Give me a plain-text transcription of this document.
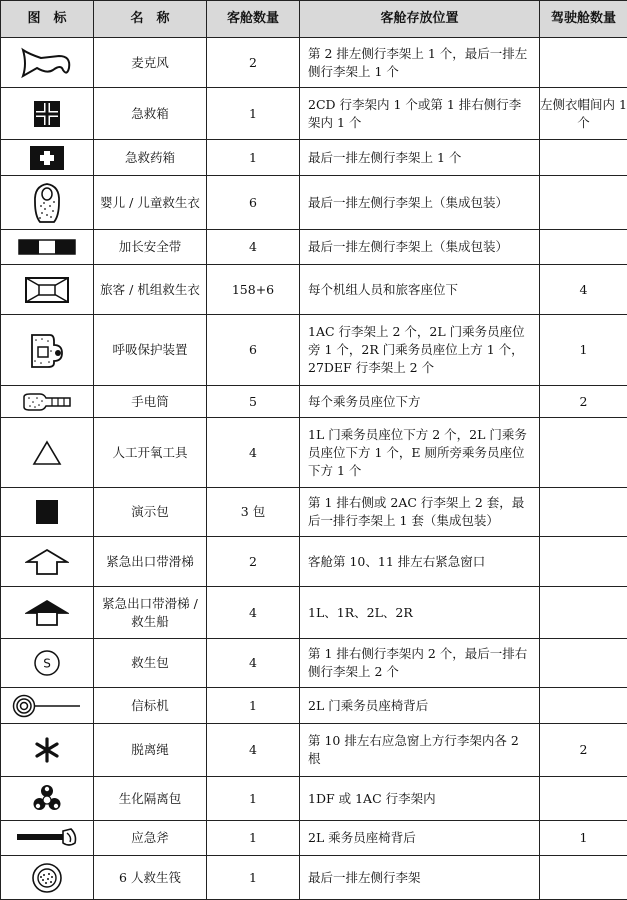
图　标	名　称	客舱数量	客舱存放位置	驾驶舱数量

	麦克风	2	第 2 排左侧行李架上 1 个，最后一排左侧行李架上 1 个	

	急救箱	1	2CD 行李架内 1 个或第 1 排右侧行李架内 1 个	左侧衣帽间内 1 个

	急救药箱	1	最后一排左侧行李架上 1 个	

	婴儿 / 儿童救生衣	6	最后一排左侧行李架上（集成包装）	

	加长安全带	4	最后一排左侧行李架上（集成包装）	

	旅客 / 机组救生衣	158+6	每个机组人员和旅客座位下	4

	呼吸保护装置	6	1AC 行李架上 2 个，2L 门乘务员座位旁 1 个，2R 门乘务员座位上方 1 个，27DEF 行李架上 2 个	1

	手电筒	5	每个乘务员座位下方	2

	人工开氧工具	4	1L 门乘务员座位下方 2 个，2L 门乘务员座位下方 1 个，E 厕所旁乘务员座位下方 1 个	

	演示包	3 包	第 1 排右侧或 2AC 行李架上 2 套，最后一排行李架上 1 套（集成包装）	

	紧急出口带滑梯	2	客舱第 10、11 排左右紧急窗口	

	紧急出口带滑梯 / 救生船	4	1L、1R、2L、2R	

S	救生包	4	第 1 排右侧行李架内 2 个，最后一排右侧行李架上 2 个	

	信标机	1	2L 门乘务员座椅背后	

	脱离绳	4	第 10 排左右应急窗上方行李架内各 2 根	2

	生化隔离包	1	1DF 或 1AC 行李架内	

	应急斧	1	2L 乘务员座椅背后	1

	6 人救生筏	1	最后一排左侧行李架	
